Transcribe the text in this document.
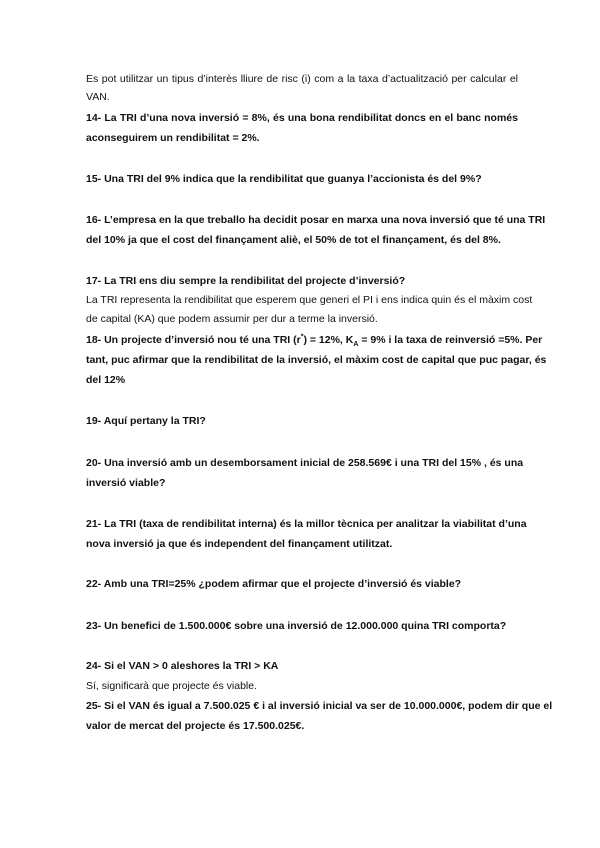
Es pot utilitzar un tipus d’interès lliure de risc (i) com a la taxa d’actualització per calcular el
VAN.
14- La TRI d’una nova inversió = 8%, és una bona rendibilitat doncs en el banc només
aconseguirem un rendibilitat = 2%.
15- Una TRI del 9% indica que la rendibilitat que guanya l’accionista és del 9%?
16- L’empresa en la que treballo ha decidit posar en marxa una nova inversió que té una TRI
del 10% ja que el cost del finançament aliè, el 50% de tot el finançament, és del 8%.
17- La TRI ens diu sempre la rendibilitat del projecte d’inversió?
La TRI representa la rendibilitat que esperem que generi el PI i ens indica quin és el màxim cost
de capital (KA) que podem assumir per dur a terme la inversió.
18- Un projecte d’inversió nou té una TRI (r*) = 12%, $K_A = 9\%$ i la taxa de reinversió =5%. Per
tant, puc afirmar que la rendibilitat de la inversió, el màxim cost de capital que puc pagar, és
del 12%
19- Aquí pertany la TRI?
20- Una inversió amb un desemborsament inicial de 258.569€ i una TRI del 15% , és una
inversió viable?
21- La TRI (taxa de rendibilitat interna) és la millor tècnica per analitzar la viabilitat d’una
nova inversió ja que és independent del finançament utilitzat.
22- Amb una TRI=25% ¿podem afirmar que el projecte d’inversió és viable?
23- Un benefici de 1.500.000€ sobre una inversió de 12.000.000 quina TRI comporta?
24- Si el VAN > 0 aleshores la TRI > KA
Sí, significarà que projecte és viable.
25- Si el VAN és igual a 7.500.025 € i al inversió inicial va ser de 10.000.000€, podem dir que el
valor de mercat del projecte és 17.500.025€.
